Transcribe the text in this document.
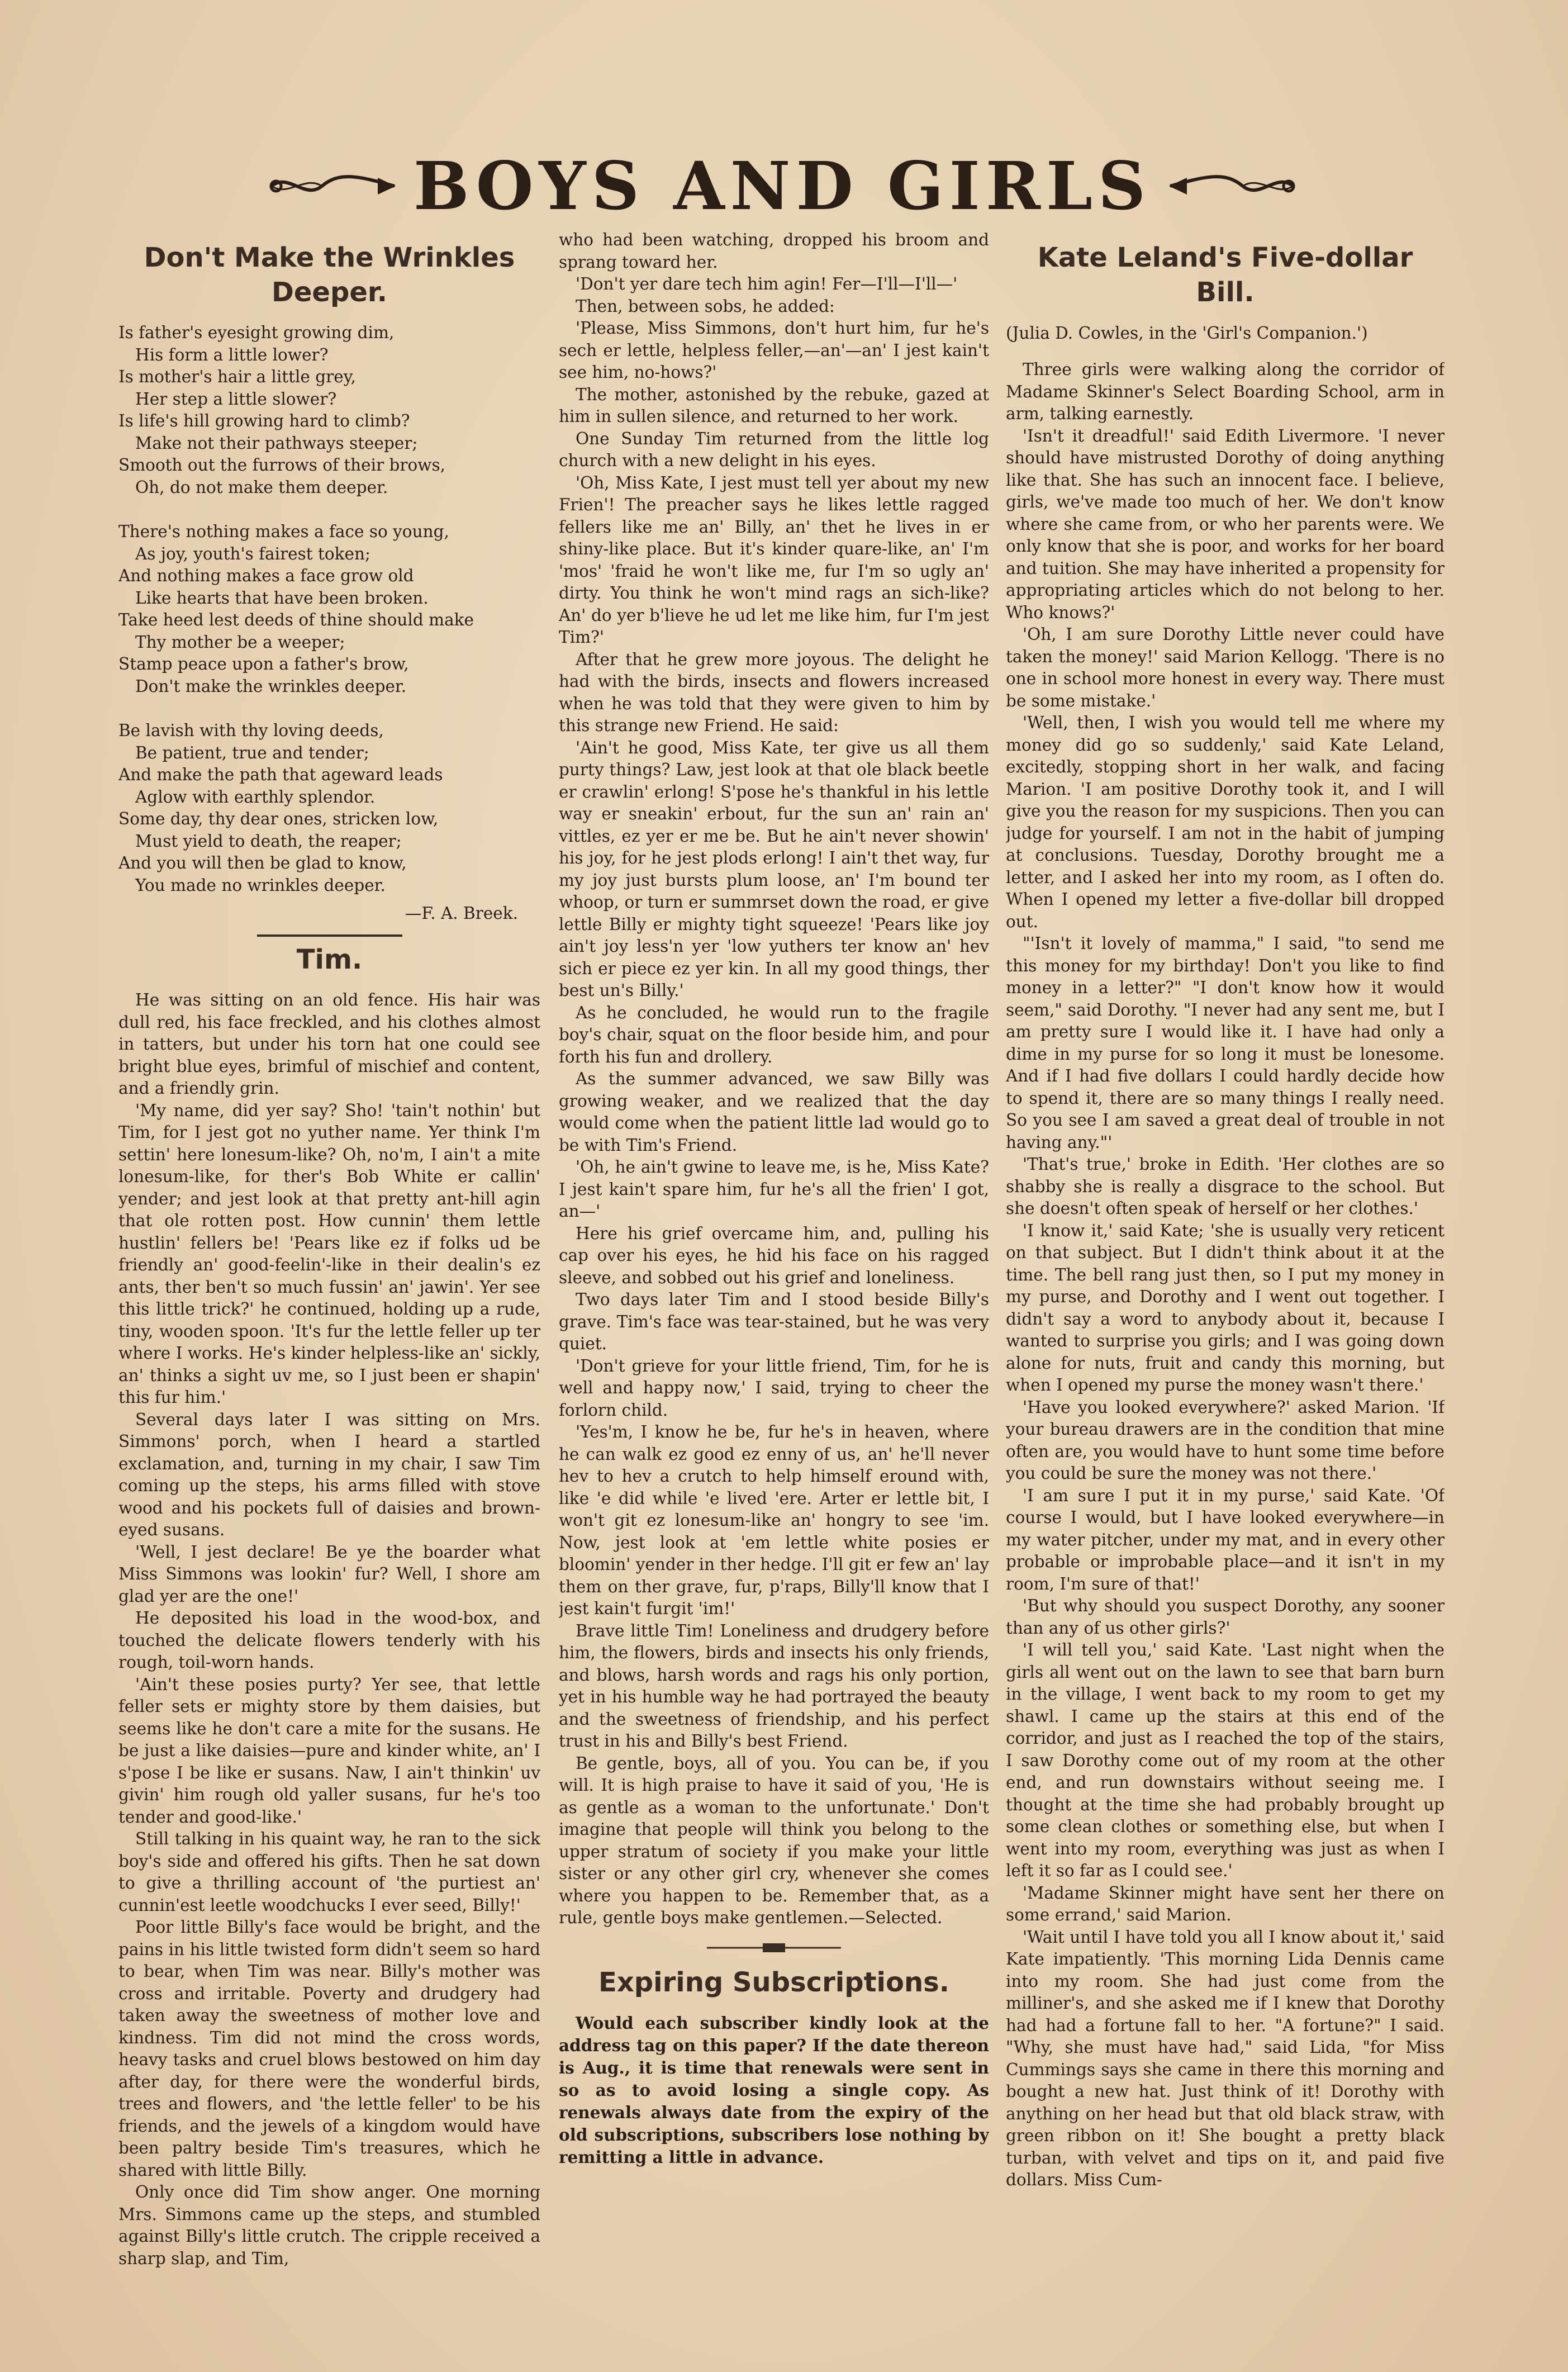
BOYS AND GIRLS
Don't Make the Wrinkles Deeper.
Is father's eyesight growing dim,
His form a little lower?
Is mother's hair a little grey,
Her step a little slower?
Is life's hill growing hard to climb?
Make not their pathways steeper;
Smooth out the furrows of their brows,
Oh, do not make them deeper.
There's nothing makes a face so young,
As joy, youth's fairest token;
And nothing makes a face grow old
Like hearts that have been broken.
Take heed lest deeds of thine should make
Thy mother be a weeper;
Stamp peace upon a father's brow,
Don't make the wrinkles deeper.
Be lavish with thy loving deeds,
Be patient, true and tender;
And make the path that ageward leads
Aglow with earthly splendor.
Some day, thy dear ones, stricken low,
Must yield to death, the reaper;
And you will then be glad to know,
You made no wrinkles deeper.
—F. A. Breek.
Tim.

He was sitting on an old fence. His hair was dull red, his face freckled, and his clothes almost in tatters, but under his torn hat one could see bright blue eyes, brimful of mischief and content, and a friendly grin.

'My name, did yer say? Sho! 'tain't nothin' but Tim, for I jest got no yuther name. Yer think I'm settin' here lonesum-like? Oh, no'm, I ain't a mite lonesum-like, for ther's Bob White er callin' yender; and jest look at that pretty ant-hill agin that ole rotten post. How cunnin' them lettle hustlin' fellers be! 'Pears like ez if folks ud be friendly an' good-feelin'-like in their dealin's ez ants, ther ben't so much fussin' an' jawin'. Yer see this little trick?' he continued, holding up a rude, tiny, wooden spoon. 'It's fur the lettle feller up ter where I works. He's kinder helpless-like an' sickly, an' thinks a sight uv me, so I just been er shapin' this fur him.'

Several days later I was sitting on Mrs. Simmons' porch, when I heard a startled exclamation, and, turning in my chair, I saw Tim coming up the steps, his arms filled with stove wood and his pockets full of daisies and brown-eyed susans.

'Well, I jest declare! Be ye the boarder what Miss Simmons was lookin' fur? Well, I shore am glad yer are the one!'

He deposited his load in the wood-box, and touched the delicate flowers tenderly with his rough, toil-worn hands.

'Ain't these posies purty? Yer see, that lettle feller sets er mighty store by them daisies, but seems like he don't care a mite for the susans. He be just a like daisies—pure and kinder white, an' I s'pose I be like er susans. Naw, I ain't thinkin' uv givin' him rough old yaller susans, fur he's too tender and good-like.'

Still talking in his quaint way, he ran to the sick boy's side and offered his gifts. Then he sat down to give a thrilling account of 'the purtiest an' cunnin'est leetle woodchucks I ever seed, Billy!'

Poor little Billy's face would be bright, and the pains in his little twisted form didn't seem so hard to bear, when Tim was near. Billy's mother was cross and irritable. Poverty and drudgery had taken away the sweetness of mother love and kindness. Tim did not mind the cross words, heavy tasks and cruel blows bestowed on him day after day, for there were the wonderful birds, trees and flowers, and 'the lettle feller' to be his friends, and the jewels of a kingdom would have been paltry beside Tim's treasures, which he shared with little Billy.

Only once did Tim show anger. One morning Mrs. Simmons came up the steps, and stumbled against Billy's little crutch. The cripple received a sharp slap, and Tim,

who had been watching, dropped his broom and sprang toward her.

'Don't yer dare tech him agin! Fer—I'll—I'll—'

Then, between sobs, he added:

'Please, Miss Simmons, don't hurt him, fur he's sech er lettle, helpless feller,—an'—an' I jest kain't see him, no-hows?'

The mother, astonished by the rebuke, gazed at him in sullen silence, and returned to her work.

One Sunday Tim returned from the little log church with a new delight in his eyes.

'Oh, Miss Kate, I jest must tell yer about my new Frien'! The preacher says he likes lettle ragged fellers like me an' Billy, an' thet he lives in er shiny-like place. But it's kinder quare-like, an' I'm 'mos' 'fraid he won't like me, fur I'm so ugly an' dirty. You think he won't mind rags an sich-like? An' do yer b'lieve he ud let me like him, fur I'm jest Tim?'

After that he grew more joyous. The delight he had with the birds, insects and flowers increased when he was told that they were given to him by this strange new Friend. He said:

'Ain't he good, Miss Kate, ter give us all them purty things? Law, jest look at that ole black beetle er crawlin' erlong! S'pose he's thankful in his lettle way er sneakin' erbout, fur the sun an' rain an' vittles, ez yer er me be. But he ain't never showin' his joy, for he jest plods erlong! I ain't thet way, fur my joy just bursts plum loose, an' I'm bound ter whoop, or turn er summrset down the road, er give lettle Billy er mighty tight squeeze! 'Pears like joy ain't joy less'n yer 'low yuthers ter know an' hev sich er piece ez yer kin. In all my good things, ther best un's Billy.'

As he concluded, he would run to the fragile boy's chair, squat on the floor beside him, and pour forth his fun and drollery.

As the summer advanced, we saw Billy was growing weaker, and we realized that the day would come when the patient little lad would go to be with Tim's Friend.

'Oh, he ain't gwine to leave me, is he, Miss Kate? I jest kain't spare him, fur he's all the frien' I got, an—'

Here his grief overcame him, and, pulling his cap over his eyes, he hid his face on his ragged sleeve, and sobbed out his grief and loneliness.

Two days later Tim and I stood beside Billy's grave. Tim's face was tear-stained, but he was very quiet.

'Don't grieve for your little friend, Tim, for he is well and happy now,' I said, trying to cheer the forlorn child.

'Yes'm, I know he be, fur he's in heaven, where he can walk ez good ez enny of us, an' he'll never hev to hev a crutch to help himself eround with, like 'e did while 'e lived 'ere. Arter er lettle bit, I won't git ez lonesum-like an' hongry to see 'im. Now, jest look at 'em lettle white posies er bloomin' yender in ther hedge. I'll git er few an' lay them on ther grave, fur, p'raps, Billy'll know that I jest kain't furgit 'im!'

Brave little Tim! Loneliness and drudgery before him, the flowers, birds and insects his only friends, and blows, harsh words and rags his only portion, yet in his humble way he had portrayed the beauty and the sweetness of friendship, and his perfect trust in his and Billy's best Friend.

Be gentle, boys, all of you. You can be, if you will. It is high praise to have it said of you, 'He is as gentle as a woman to the unfortunate.' Don't imagine that people will think you belong to the upper stratum of society if you make your little sister or any other girl cry, whenever she comes where you happen to be. Remember that, as a rule, gentle boys make gentlemen.—Selected.

Expiring Subscriptions.

Would each subscriber kindly look at the address tag on this paper? If the date thereon is Aug., it is time that renewals were sent in so as to avoid losing a single copy. As renewals always date from the expiry of the old subscriptions, subscribers lose nothing by remitting a little in advance.

Kate Leland's Five-dollar Bill.
(Julia D. Cowles, in the 'Girl's Companion.')

Three girls were walking along the corridor of Madame Skinner's Select Boarding School, arm in arm, talking earnestly.

'Isn't it dreadful!' said Edith Livermore. 'I never should have mistrusted Dorothy of doing anything like that. She has such an innocent face. I believe, girls, we've made too much of her. We don't know where she came from, or who her parents were. We only know that she is poor, and works for her board and tuition. She may have inherited a propensity for appropriating articles which do not belong to her. Who knows?'

'Oh, I am sure Dorothy Little never could have taken the money!' said Marion Kellogg. 'There is no one in school more honest in every way. There must be some mistake.'

'Well, then, I wish you would tell me where my money did go so suddenly,' said Kate Leland, excitedly, stopping short in her walk, and facing Marion. 'I am positive Dorothy took it, and I will give you the reason for my suspicions. Then you can judge for yourself. I am not in the habit of jumping at conclusions. Tuesday, Dorothy brought me a letter, and I asked her into my room, as I often do. When I opened my letter a five-dollar bill dropped out.

"'Isn't it lovely of mamma," I said, "to send me this money for my birthday! Don't you like to find money in a letter?" "I don't know how it would seem," said Dorothy. "I never had any sent me, but I am pretty sure I would like it. I have had only a dime in my purse for so long it must be lonesome. And if I had five dollars I could hardly decide how to spend it, there are so many things I really need. So you see I am saved a great deal of trouble in not having any."'

'That's true,' broke in Edith. 'Her clothes are so shabby she is really a disgrace to the school. But she doesn't often speak of herself or her clothes.'

'I know it,' said Kate; 'she is usually very reticent on that subject. But I didn't think about it at the time. The bell rang just then, so I put my money in my purse, and Dorothy and I went out together. I didn't say a word to anybody about it, because I wanted to surprise you girls; and I was going down alone for nuts, fruit and candy this morning, but when I opened my purse the money wasn't there.'

'Have you looked everywhere?' asked Marion. 'If your bureau drawers are in the condition that mine often are, you would have to hunt some time before you could be sure the money was not there.'

'I am sure I put it in my purse,' said Kate. 'Of course I would, but I have looked everywhere—in my water pitcher, under my mat, and in every other probable or improbable place—and it isn't in my room, I'm sure of that!'

'But why should you suspect Dorothy, any sooner than any of us other girls?'

'I will tell you,' said Kate. 'Last night when the girls all went out on the lawn to see that barn burn in the village, I went back to my room to get my shawl. I came up the stairs at this end of the corridor, and just as I reached the top of the stairs, I saw Dorothy come out of my room at the other end, and run downstairs without seeing me. I thought at the time she had probably brought up some clean clothes or something else, but when I went into my room, everything was just as when I left it so far as I could see.'

'Madame Skinner might have sent her there on some errand,' said Marion.

'Wait until I have told you all I know about it,' said Kate impatiently. 'This morning Lida Dennis came into my room. She had just come from the milliner's, and she asked me if I knew that Dorothy had had a fortune fall to her. "A fortune?" I said. "Why, she must have had," said Lida, "for Miss Cummings says she came in there this morning and bought a new hat. Just think of it! Dorothy with anything on her head but that old black straw, with green ribbon on it! She bought a pretty black turban, with velvet and tips on it, and paid five dollars. Miss Cum-
